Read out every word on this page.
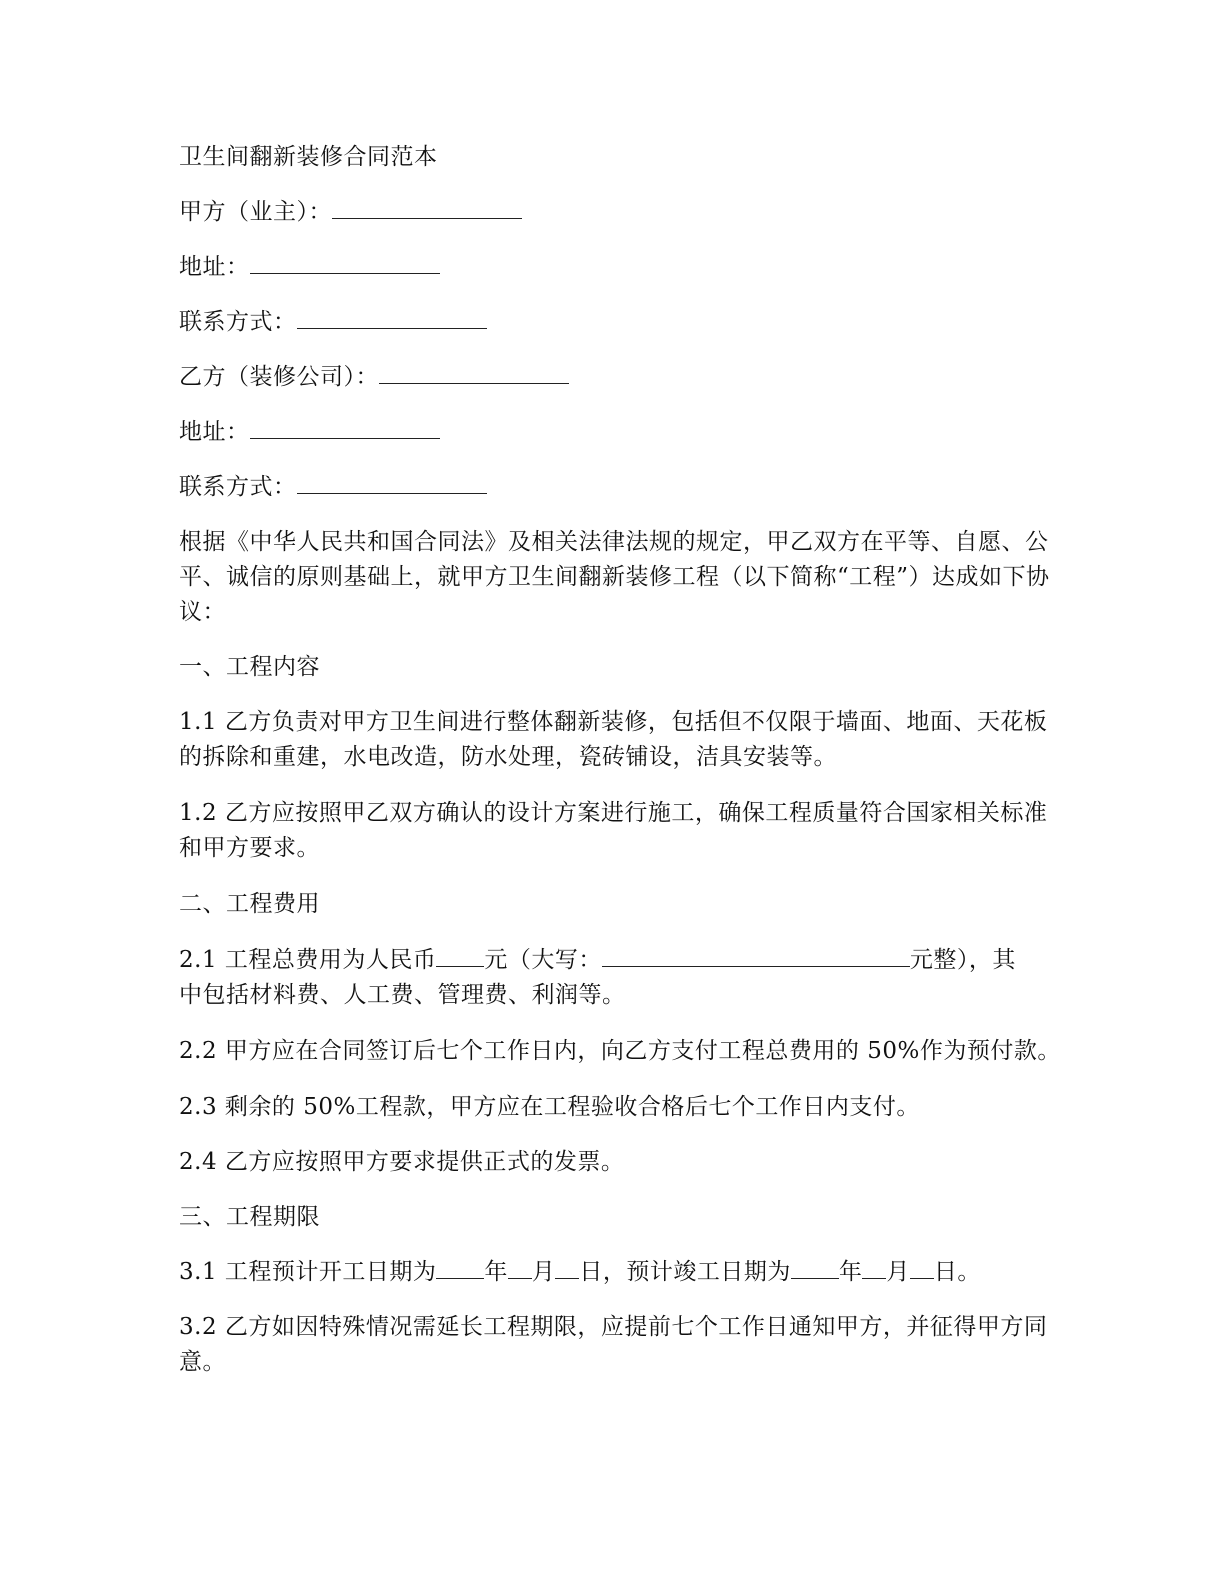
卫生间翻新装修合同范本

甲方（业主）：

地址：

联系方式：

乙方（装修公司）：

地址：

联系方式：

根据《中华人民共和国合同法》及相关法律法规的规定，甲乙双方在平等、自愿、公平、诚信的原则基础上，就甲方卫生间翻新装修工程（以下简称“工程”）达成如下协议：

一、工程内容

1.1 乙方负责对甲方卫生间进行整体翻新装修，包括但不仅限于墙面、地面、天花板的拆除和重建，水电改造，防水处理，瓷砖铺设，洁具安装等。

1.2 乙方应按照甲乙双方确认的设计方案进行施工，确保工程质量符合国家相关标准和甲方要求。

二、工程费用

2.1 工程总费用为人民币 元（大写：	元整），其
中包括材料费、人工费、管理费、利润等。

2.2 甲方应在合同签订后七个工作日内，向乙方支付工程总费用的 50%作为预付款。

2.3 剩余的 50%工程款，甲方应在工程验收合格后七个工作日内支付。

2.4 乙方应按照甲方要求提供正式的发票。

三、工程期限

3.1 工程预计开工日期为 年 月 日，预计竣工日期为 年 月 日。

3.2 乙方如因特殊情况需延长工程期限，应提前七个工作日通知甲方，并征得甲方同意。
